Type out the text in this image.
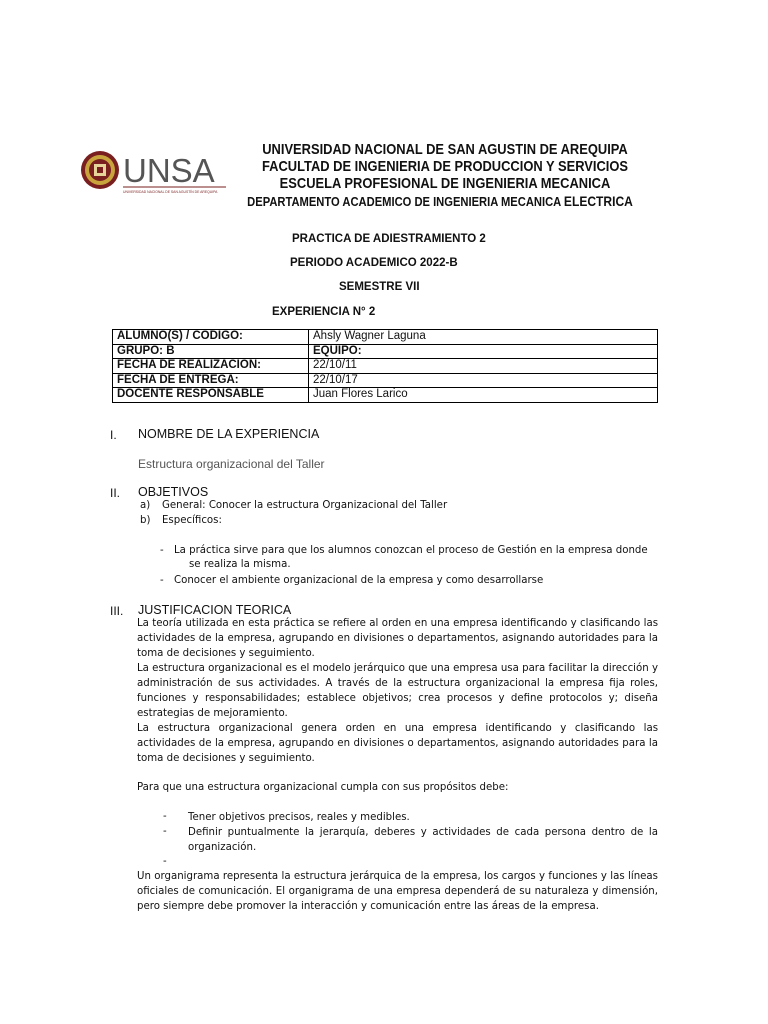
UNSA
UNIVERSIDAD NACIONAL DE SAN AGUSTÍN DE AREQUIPA
UNIVERSIDAD NACIONAL DE SAN AGUSTIN DE AREQUIPA
FACULTAD DE INGENIERIA DE PRODUCCION Y SERVICIOS
ESCUELA PROFESIONAL DE INGENIERIA MECANICA
DEPARTAMENTO ACADEMICO DE INGENIERIA MECANICA ELECTRICA
PRACTICA DE ADIESTRAMIENTO 2
PERIODO ACADEMICO 2022-B
SEMESTRE VII
EXPERIENCIA N° 2
ALUMNO(S) / CODIGO:	Ahsly Wagner Laguna
GRUPO: B	EQUIPO:
FECHA DE REALIZACION:	22/10/11
FECHA DE ENTREGA:	22/10/17
DOCENTE RESPONSABLE	Juan Flores Larico
I. NOMBRE DE LA EXPERIENCIA
Estructura organizacional del Taller
II. OBJETIVOS
a) General: Conocer la estructura Organizacional del Taller
b) Específicos:
- La práctica sirve para que los alumnos conozcan el proceso de Gestión en la empresa donde
se realiza la misma.
- Conocer el ambiente organizacional de la empresa y como desarrollarse
III. JUSTIFICACION TEORICA
La teoría utilizada en esta práctica se refiere al orden en una empresa identificando y clasificando las actividades de la empresa, agrupando en divisiones o departamentos, asignando autoridades para la toma de decisiones y seguimiento.
La estructura organizacional es el modelo jerárquico que una empresa usa para facilitar la dirección y administración de sus actividades. A través de la estructura organizacional la empresa fija roles, funciones y responsabilidades; establece objetivos; crea procesos y define protocolos y; diseña estrategias de mejoramiento.
La estructura organizacional genera orden en una empresa identificando y clasificando las actividades de la empresa, agrupando en divisiones o departamentos, asignando autoridades para la toma de decisiones y seguimiento.
Para que una estructura organizacional cumpla con sus propósitos debe:
- Tener objetivos precisos, reales y medibles.
- Definir puntualmente la jerarquía, deberes y actividades de cada persona dentro de la organización.
-
Un organigrama representa la estructura jerárquica de la empresa, los cargos y funciones y las líneas oficiales de comunicación. El organigrama de una empresa dependerá de su naturaleza y dimensión, pero siempre debe promover la interacción y comunicación entre las áreas de la empresa.
